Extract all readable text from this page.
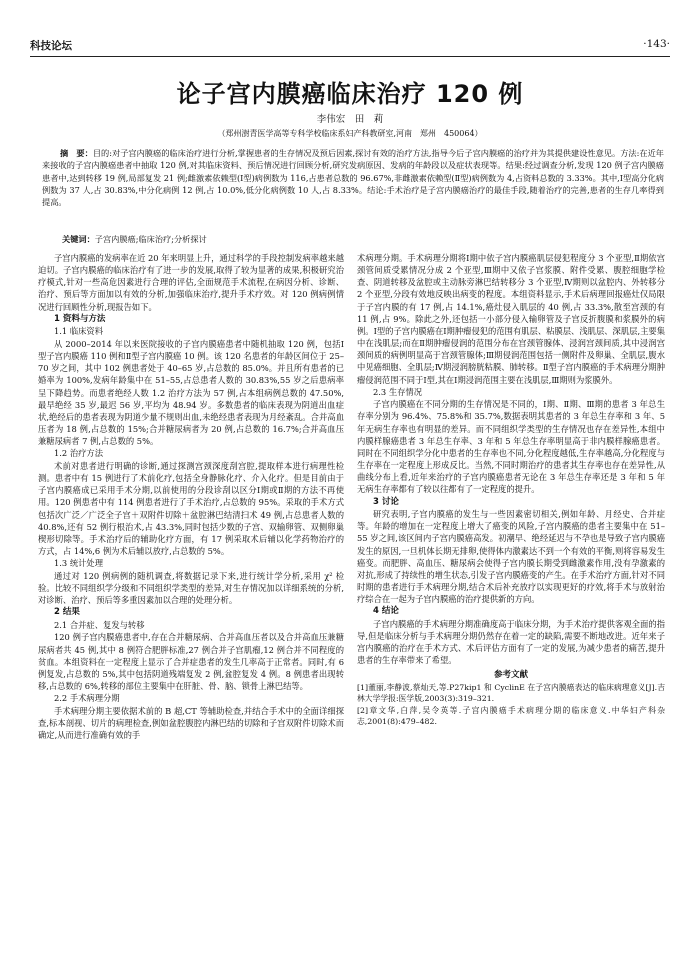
科技论坛	·143·
论子宫内膜癌临床治疗 120 例
李伟宏　田　莉
（郑州澍青医学高等专科学校临床系妇产科教研室,河南　郑州　450064）
摘　要：目的:对子宫内膜癌的临床治疗进行分析,掌握患者的生存情况及预后因素,探讨有效的治疗方法,指导今后子宫内膜癌的治疗并为其提供建设性意见。方法:在近年来接收的子宫内膜癌患者中抽取 120 例,对其临床资料、预后情况进行回顾分析,研究发病原因、发病的年龄段以及症状表现等。结果:经过调查分析,发现 120 例子宫内膜癌患者中,达到转移 19 例,局部复发 21 例;雌激素依赖型(Ⅰ型)病例数为 116,占患者总数的 96.67%,非雌激素依赖型(Ⅱ型)病例数为 4,占资料总数的 3.33%。其中,Ⅰ型高分化病例数为 37 人,占 30.83%,中分化病例 12 例,占 10.0%,低分化病例数 10 人,占 8.33%。结论:手术治疗是子宫内膜癌治疗的最佳手段,随着治疗的完善,患者的生存几率得到提高。
关键词：子宫内膜癌;临床治疗;分析探讨
子宫内膜癌的发病率在近 20 年来明显上升，通过科学的手段控制发病率越来越迫切。子宫内膜癌的临床治疗有了进一步的发展,取得了较为显著的成果,积极研究治疗模式,针对一些高危因素进行合理的评估,全面规范手术流程,在病因分析、诊断、治疗、预后等方面加以有效的分析,加强临床治疗,提升手术疗效。对 120 例病例情况进行回顾性分析,现报告如下。
1 资料与方法
1.1 临床资料
从 2000–2014 年以来医院接收的子宫内膜癌患者中随机抽取 120 例，包括Ⅰ型子宫内膜癌 110 例和Ⅱ型子宫内膜癌 10 例。该 120 名患者的年龄区间位于 25–70 岁之间，其中 102 例患者处于 40–65 岁,占总数的 85.0%。并且所有患者的已婚率为 100%,发病年龄集中在 51–55,占总患者人数的 30.83%,55 岁之后患病率呈下降趋势。而患者绝经人数 1.2 治疗方法为 57 例,占本组病例总数的 47.50%,最早绝经 35 岁,最迟 56 岁,平均为 48.94 岁。多数患者的临床表现为阴道出血症状,绝经后的患者表现为阴道少量不规则出血,未绝经患者表现为月经紊乱。合并高血压者为 18 例,占总数的 15%;合并糖尿病者为 20 例,占总数的 16.7%;合并高血压兼糖尿病者 7 例,占总数的 5%。
1.2 治疗方法
术前对患者进行明确的诊断,通过探测宫颈深度刮宫腔,提取样本进行病理性检测。患者中有 15 例进行了术前化疗,包括全身静脉化疗、介入化疗。但是目前由于子宫内膜癌成已采用手术分期,以前使用的分段诊刮以区分Ⅰ期或Ⅱ期的方法不再使用。120 例患者中有 114 例患者进行了手术治疗,占总数的 95%。采取的手术方式包括次广泛／广泛全子宫＋双附件切除＋盆腔淋巴结清扫术 49 例,占总患者人数的 40.8%,还有 52 例行根治术,占 43.3%,同时包括少数的子宫、双输卵管、双侧卵巢楔形切除等。手术治疗后的辅助化疗方面，有 17 例采取术后辅以化学药物治疗的方式，占 14%,6 例为术后辅以放疗,占总数的 5%。
1.3 统计处理
通过对 120 例病例的随机调查,将数据记录下来,进行统计学分析,采用 χ² 检验。比较不同组织学分级和不同组织学类型的差异,对生存情况加以详细系统的分析,对诊断、治疗、预后等多重因素加以合理的处理分析。
2 结果
2.1 合并症、复发与转移
120 例子宫内膜癌患者中,存在合并糖尿病、合并高血压者以及合并高血压兼糖尿病者共 45 例,其中 8 例符合肥胖标准,27 例合并子宫肌瘤,12 例合并不同程度的贫血。本组资料在一定程度上显示了合并症患者的发生几率高于正常者。同时,有 6 例复发,占总数的 5%,其中包括阴道残端复发 2 例,盆腔复发 4 例。8 例患者出现转移,占总数的 6%,转移的部位主要集中在肝脏、骨、脑、锁骨上淋巴结等。
2.2 手术病理分期
手术病理分期主要依据术前的 B 超,CT 等辅助检查,并结合手术中的全面详细探查,标本剖视、切片的病理检查,例如盆腔腹腔内淋巴结的切除和子宫双附件切除术而确定,从而进行准确有效的手
术病理分期。手术病理分期将Ⅰ期中依子宫内膜癌肌层侵犯程度分 3 个亚型,Ⅱ期依宫颈管间质受累情况分成 2 个亚型,Ⅲ期中又依子宫浆膜、附件受累、腹腔细胞学检查、阴道转移及盆腔或主动脉旁淋巴结转移分 3 个亚型,Ⅳ期则以盆腔内、外转移分 2 个亚型,分段有效地反映出病变的程度。本组资料显示,手术后病理回报癌灶仅局限于子宫内膜的有 17 例,占 14.1%,癌灶侵入肌层的 40 例,占 33.3%,散至宫颈的有 11 例,占 9%。除此之外,还包括一小部分侵入输卵管及子宫反折腹膜和浆膜外的病例。Ⅰ型的子宫内膜癌在Ⅰ期肿瘤侵犯的范围有肌层、粘膜层、浅肌层、深肌层,主要集中在浅肌层;而在Ⅱ期肿瘤侵润的范围分布在宫颈管腺体、浸润宫颈间质,其中浸润宫颈间质的病例明显高于宫颈管腺体;Ⅲ期侵润范围包括一侧附件及卵巢、全肌层,腹水中见癌细胞、全肌层;Ⅳ期浸润膀胱粘膜、肺转移。Ⅱ型子宫内膜癌的手术病理分期肿瘤侵润范围不同于Ⅰ型,其在Ⅰ期浸润范围主要在浅肌层,Ⅲ期则为浆膜外。
2.3 生存情况
子宫内膜癌在不同分期的生存情况是不同的，Ⅰ期、Ⅱ期、Ⅲ期的患者 3 年总生存率分别为 96.4%、75.8%和 35.7%,数据表明其患者的 3 年总生存率和 3 年、5 年无病生存率也有明显的差异。而不同组织学类型的生存情况也存在差异性,本组中内膜样腺癌患者 3 年总生存率、3 年和 5 年总生存率明显高于非内膜样腺癌患者。同时在不同组织学分化中患者的生存率也不同,分化程度越低,生存率越高,分化程度与生存率在一定程度上形成反比。当然,不同时期治疗的患者其生存率也存在差异性,从曲线分布上看,近年来治疗的子宫内膜癌患者无论在 3 年总生存率还是 3 年和 5 年无病生存率都有了较以往都有了一定程度的提升。
3 讨论
研究表明,子宫内膜癌的发生与一些因素密切相关,例如年龄、月经史、合并症等。年龄的增加在一定程度上增大了癌变的风险,子宫内膜癌的患者主要集中在 51–55 岁之间,该区间内子宫内膜癌高发。初潮早、绝经延迟与不孕也是导致子宫内膜癌发生的原因,一旦机体长期无排卵,使得体内激素达不到一个有效的平衡,则将容易发生癌变。而肥胖、高血压、糖尿病会使得子宫内膜长期受到雌激素作用,没有孕激素的对抗,形成了持续性的增生状态,引发子宫内膜癌变的产生。在手术治疗方面,针对不同时期的患者进行手术病理分期,结合术后补充放疗以实现更好的疗效,将手术与放射治疗综合在一起为子宫内膜癌的治疗提供新的方向。
4 结论
子宫内膜癌的手术病理分期准确度高于临床分期，为手术治疗提供客观全面的指导,但是临床分析与手术病理分期仍然存在着一定的缺陷,需要不断地改进。近年来子宫内膜癌的治疗在手术方式、术后评估方面有了一定的发展,为减少患者的痛苦,提升患者的生存率带来了希望。
参考文献
[1]董丽,李静波,蔡灿天,等.P27kip1 和 CyclinE 在子宫内膜癌表达的临床病理意义[J].吉林大学学报:医学版,2003(3):319–321.
[2]章文华,白萍,吴令英等.子宫内膜癌手术病理分期的临床意义.中华妇产科杂志,2001(8):479–482.
